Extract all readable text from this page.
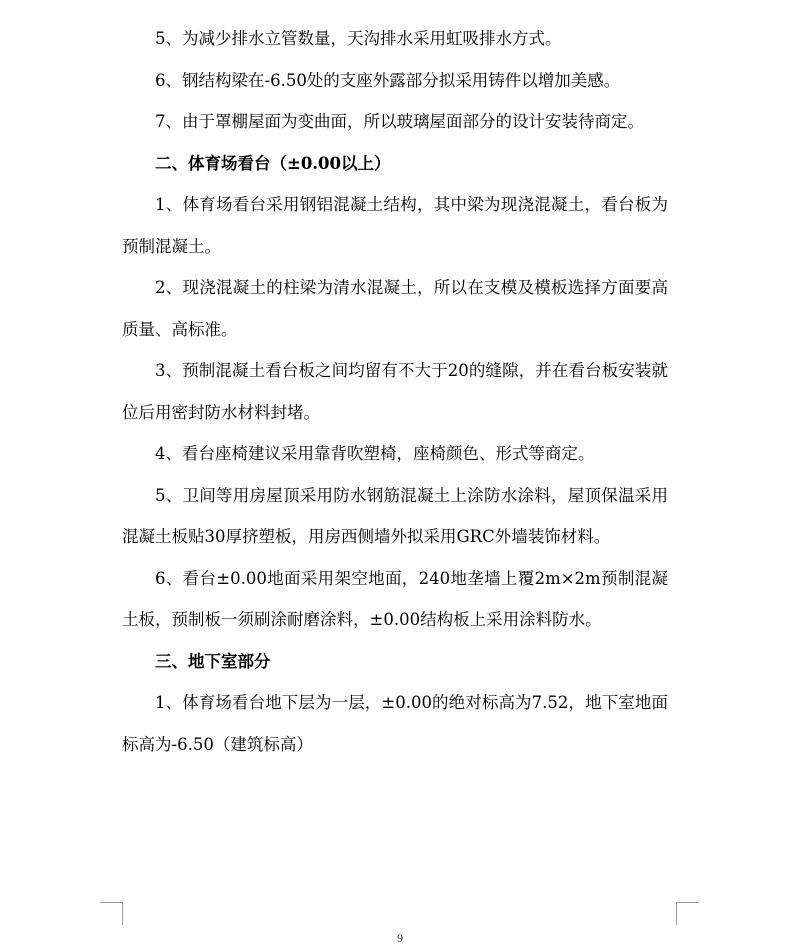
5、为减少排水立管数量，天沟排水采用虹吸排水方式。

6、钢结构梁在-6.50处的支座外露部分拟采用铸件以增加美感。

7、由于罩棚屋面为变曲面，所以玻璃屋面部分的设计安装待商定。

二、体育场看台（±0.00以上）

1、体育场看台采用钢铝混凝土结构，其中梁为现浇混凝土，看台板为预制混凝土。

2、现浇混凝土的柱梁为清水混凝土，所以在支模及模板选择方面要高质量、高标准。

3、预制混凝土看台板之间均留有不大于20的缝隙，并在看台板安装就位后用密封防水材料封堵。

4、看台座椅建议采用靠背吹塑椅，座椅颜色、形式等商定。

5、卫间等用房屋顶采用防水钢筋混凝土上涂防水涂料，屋顶保温采用混凝土板贴30厚挤塑板，用房西侧墙外拟采用GRC外墙装饰材料。

6、看台±0.00地面采用架空地面，240地垄墙上覆2m×2m预制混凝土板，预制板一须刷涂耐磨涂料，±0.00结构板上采用涂料防水。

三、地下室部分

1、体育场看台地下层为一层，±0.00的绝对标高为7.52，地下室地面标高为-6.50（建筑标高）

9
